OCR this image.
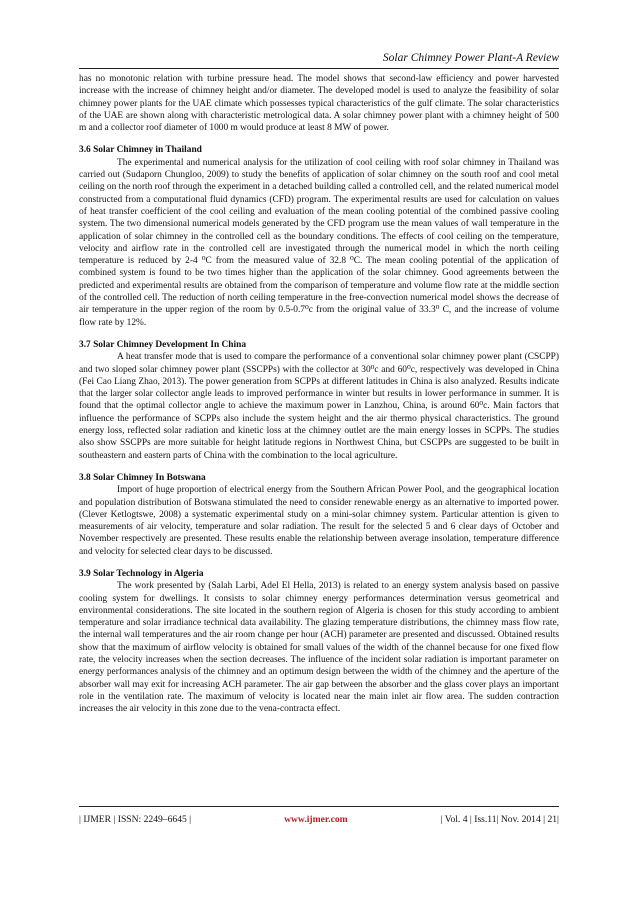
Solar Chimney Power Plant-A Review

has no monotonic relation with turbine pressure head. The model shows that second-law efficiency and power harvested increase with the increase of chimney height and/or diameter. The developed model is used to analyze the feasibility of solar chimney power plants for the UAE climate which possesses typical characteristics of the gulf climate. The solar characteristics of the UAE are shown along with characteristic metrological data. A solar chimney power plant with a chimney height of 500 m and a collector roof diameter of 1000 m would produce at least 8 MW of power.

3.6 Solar Chimney in Thailand

The experimental and numerical analysis for the utilization of cool ceiling with roof solar chimney in Thailand was carried out (Sudaporn Chungloo, 2009) to study the benefits of application of solar chimney on the south roof and cool metal ceiling on the north roof through the experiment in a detached building called a controlled cell, and the related numerical model constructed from a computational fluid dynamics (CFD) program. The experimental results are used for calculation on values of heat transfer coefficient of the cool ceiling and evaluation of the mean cooling potential of the combined passive cooling system. The two dimensional numerical models generated by the CFD program use the mean values of wall temperature in the application of solar chimney in the controlled cell as the boundary conditions. The effects of cool ceiling on the temperature, velocity and airflow rate in the controlled cell are investigated through the numerical model in which the north ceiling temperature is reduced by 2-4 ⁰C from the measured value of 32.8 ⁰C. The mean cooling potential of the application of combined system is found to be two times higher than the application of the solar chimney. Good agreements between the predicted and experimental results are obtained from the comparison of temperature and volume flow rate at the middle section of the controlled cell. The reduction of north ceiling temperature in the free-convection numerical model shows the decrease of air temperature in the upper region of the room by 0.5-0.7⁰c from the original value of 33.3⁰ C, and the increase of volume flow rate by 12%.

3.7 Solar Chimney Development In China

A heat transfer mode that is used to compare the performance of a conventional solar chimney power plant (CSCPP) and two sloped solar chimney power plant (SSCPPs) with the collector at 30⁰c and 60⁰c, respectively was developed in China (Fei Cao Liang Zhao, 2013). The power generation from SCPPs at different latitudes in China is also analyzed. Results indicate that the larger solar collector angle leads to improved performance in winter but results in lower performance in summer. It is found that the optimal collector angle to achieve the maximum power in Lanzhou, China, is around 60⁰c. Main factors that influence the performance of SCPPs also include the system height and the air thermo physical characteristics. The ground energy loss, reflected solar radiation and kinetic loss at the chimney outlet are the main energy losses in SCPPs. The studies also show SSCPPs are more suitable for height latitude regions in Northwest China, but CSCPPs are suggested to be built in southeastern and eastern parts of China with the combination to the local agriculture.

3.8 Solar Chimney In Botswana

Import of huge proportion of electrical energy from the Southern African Power Pool, and the geographical location and population distribution of Botswana stimulated the need to consider renewable energy as an alternative to imported power. (Clever Ketlogtswe, 2008) a systematic experimental study on a mini-solar chimney system. Particular attention is given to measurements of air velocity, temperature and solar radiation. The result for the selected 5 and 6 clear days of October and November respectively are presented. These results enable the relationship between average insolation, temperature difference and velocity for selected clear days to be discussed.

3.9 Solar Technology in Algeria

The work presented by (Salah Larbi, Adel El Hella, 2013) is related to an energy system analysis based on passive cooling system for dwellings. It consists to solar chimney energy performances determination versus geometrical and environmental considerations. The site located in the southern region of Algeria is chosen for this study according to ambient temperature and solar irradiance technical data availability. The glazing temperature distributions, the chimney mass flow rate, the internal wall temperatures and the air room change per hour (ACH) parameter are presented and discussed. Obtained results show that the maximum of airflow velocity is obtained for small values of the width of the channel because for one fixed flow rate, the velocity increases when the section decreases. The influence of the incident solar radiation is important parameter on energy performances analysis of the chimney and an optimum design between the width of the chimney and the aperture of the absorber wall may exit for increasing ACH parameter. The air gap between the absorber and the glass cover plays an important role in the ventilation rate. The maximum of velocity is located near the main inlet air flow area. The sudden contraction increases the air velocity in this zone due to the vena-contracta effect.

| IJMER | ISSN: 2249–6645 |	www.ijmer.com	| Vol. 4 | Iss.11| Nov. 2014 | 21|
